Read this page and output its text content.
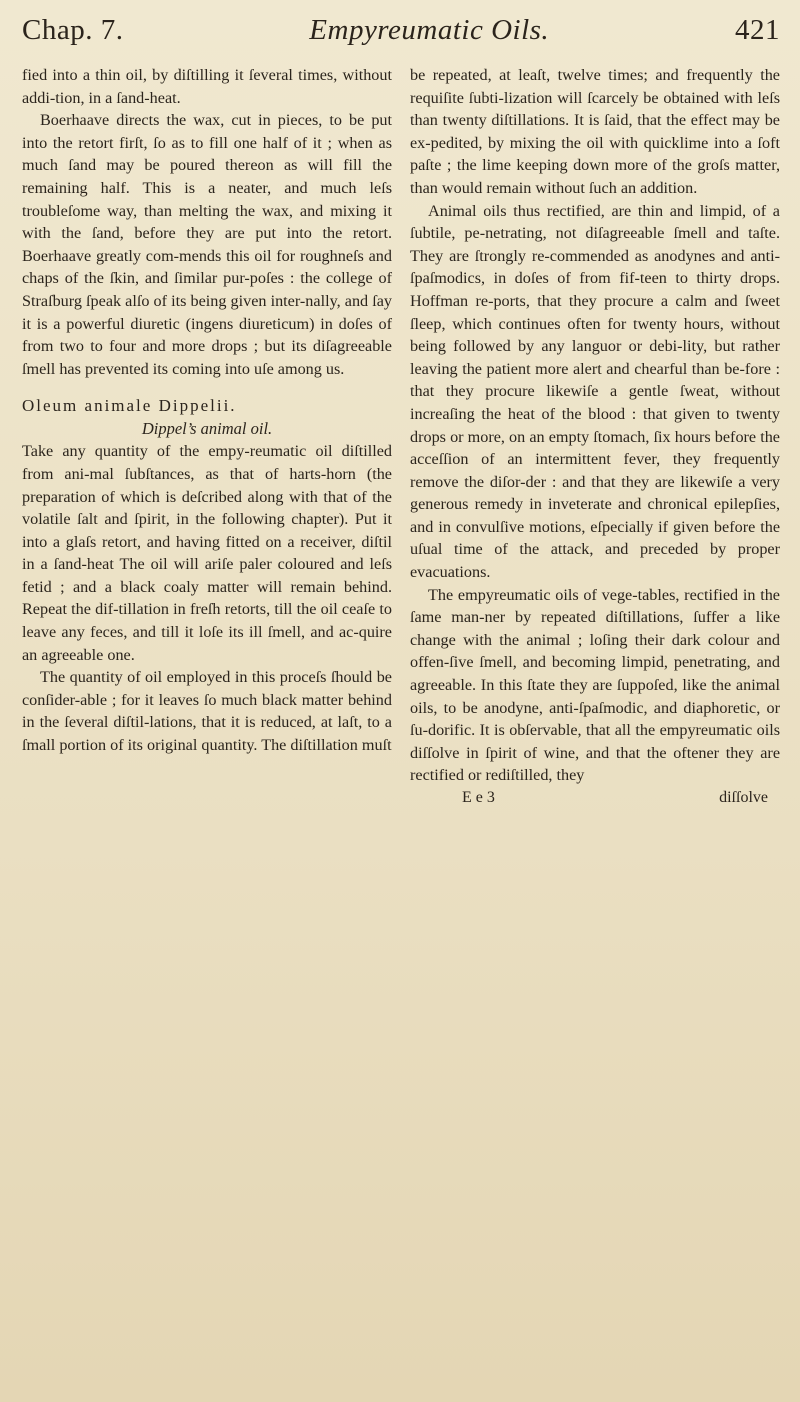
Chap. 7.	Empyreumatic Oils.	421

fied into a thin oil, by diſtilling it ſeveral times, without addi-tion, in a ſand-heat.

Boerhaave directs the wax, cut in pieces, to be put into the retort firſt, ſo as to fill one half of it ; when as much ſand may be poured thereon as will fill the remaining half. This is a neater, and much leſs troubleſome way, than melting the wax, and mixing it with the ſand, before they are put into the retort. Boerhaave greatly com-mends this oil for roughneſs and chaps of the ſkin, and ſimilar pur-poſes : the college of Straſburg ſpeak alſo of its being given inter-nally, and ſay it is a powerful diuretic (ingens diureticum) in doſes of from two to four and more drops ; but its diſagreeable ſmell has prevented its coming into uſe among us.

Oleum animale Dippelii.
Dippel’s animal oil.

Take any quantity of the empy-reumatic oil diſtilled from ani-mal ſubſtances, as that of harts-horn (the preparation of which is deſcribed along with that of the volatile ſalt and ſpirit, in the following chapter). Put it into a glaſs retort, and having fitted on a receiver, diſtil in a ſand-heat The oil will ariſe paler coloured and leſs fetid ; and a black coaly matter will remain behind. Repeat the dif-tillation in freſh retorts, till the oil ceaſe to leave any feces, and till it loſe its ill ſmell, and ac-quire an agreeable one.

The quantity of oil employed in this proceſs ſhould be conſider-able ; for it leaves ſo much black matter behind in the ſeveral diſtil-lations, that it is reduced, at laſt, to a ſmall portion of its original quantity. The diſtillation muſt

be repeated, at leaſt, twelve times; and frequently the requiſite ſubti-lization will ſcarcely be obtained with leſs than twenty diſtillations. It is ſaid, that the effect may be ex-pedited, by mixing the oil with quicklime into a ſoft paſte ; the lime keeping down more of the groſs matter, than would remain without ſuch an addition.

Animal oils thus rectified, are thin and limpid, of a ſubtile, pe-netrating, not diſagreeable ſmell and taſte. They are ſtrongly re-commended as anodynes and anti-ſpaſmodics, in doſes of from fif-teen to thirty drops. Hoffman re-ports, that they procure a calm and ſweet ſleep, which continues often for twenty hours, without being followed by any languor or debi-lity, but rather leaving the patient more alert and chearful than be-fore : that they procure likewiſe a gentle ſweat, without increaſing the heat of the blood : that given to twenty drops or more, on an empty ſtomach, ſix hours before the acceſſion of an intermittent fever, they frequently remove the diſor-der : and that they are likewiſe a very generous remedy in inveterate and chronical epilepſies, and in convulſive motions, eſpecially if given before the uſual time of the attack, and preceded by proper evacuations.

The empyreumatic oils of vege-tables, rectified in the ſame man-ner by repeated diſtillations, ſuffer a like change with the animal ; loſing their dark colour and offen-ſive ſmell, and becoming limpid, penetrating, and agreeable. In this ſtate they are ſuppoſed, like the animal oils, to be anodyne, anti-ſpaſmodic, and diaphoretic, or ſu-dorific. It is obſervable, that all the empyreumatic oils diſſolve in ſpirit of wine, and that the oftener they are rectified or rediſtilled, they

E e 3	diſſolve
